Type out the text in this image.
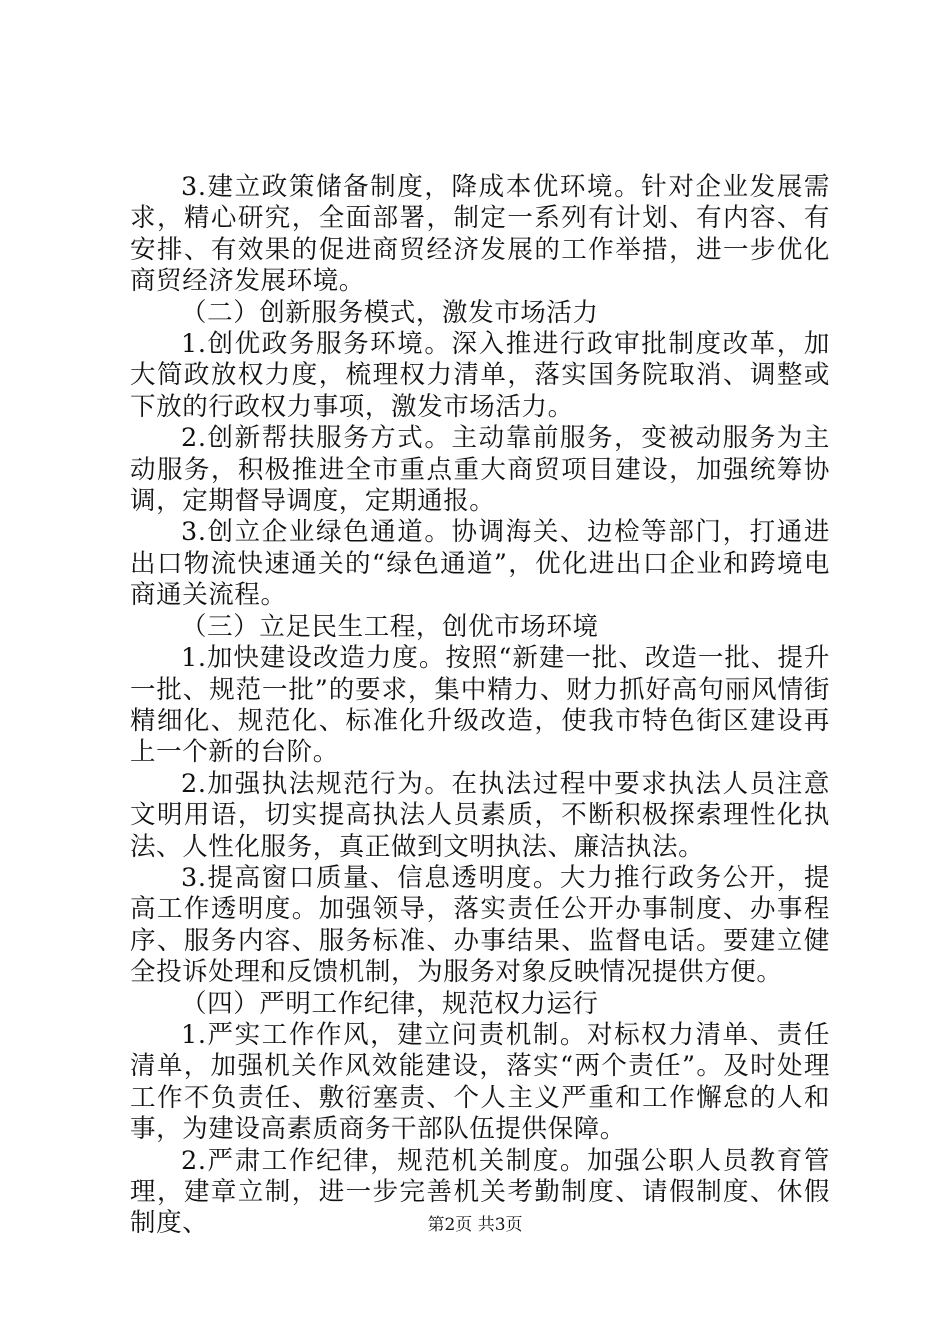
3.建立政策储备制度，降成本优环境。针对企业发展需求，精心研究，全面部署，制定一系列有计划、有内容、有安排、有效果的促进商贸经济发展的工作举措，进一步优化商贸经济发展环境。

（二）创新服务模式，激发市场活力

1.创优政务服务环境。深入推进行政审批制度改革，加大简政放权力度，梳理权力清单，落实国务院取消、调整或下放的行政权力事项，激发市场活力。

2.创新帮扶服务方式。主动靠前服务，变被动服务为主动服务，积极推进全市重点重大商贸项目建设，加强统筹协调，定期督导调度，定期通报。

3.创立企业绿色通道。协调海关、边检等部门，打通进出口物流快速通关的“绿色通道”，优化进出口企业和跨境电商通关流程。

（三）立足民生工程，创优市场环境

1.加快建设改造力度。按照“新建一批、改造一批、提升一批、规范一批”的要求，集中精力、财力抓好高句丽风情街精细化、规范化、标准化升级改造，使我市特色街区建设再上一个新的台阶。

2.加强执法规范行为。在执法过程中要求执法人员注意文明用语，切实提高执法人员素质，不断积极探索理性化执法、人性化服务，真正做到文明执法、廉洁执法。

3.提高窗口质量、信息透明度。大力推行政务公开，提高工作透明度。加强领导，落实责任公开办事制度、办事程序、服务内容、服务标准、办事结果、监督电话。要建立健全投诉处理和反馈机制，为服务对象反映情况提供方便。

（四）严明工作纪律，规范权力运行

1.严实工作作风，建立问责机制。对标权力清单、责任清单，加强机关作风效能建设，落实“两个责任”。及时处理工作不负责任、敷衍塞责、个人主义严重和工作懈怠的人和事，为建设高素质商务干部队伍提供保障。

2.严肃工作纪律，规范机关制度。加强公职人员教育管理，建章立制，进一步完善机关考勤制度、请假制度、休假制度、	第2页 共3页
